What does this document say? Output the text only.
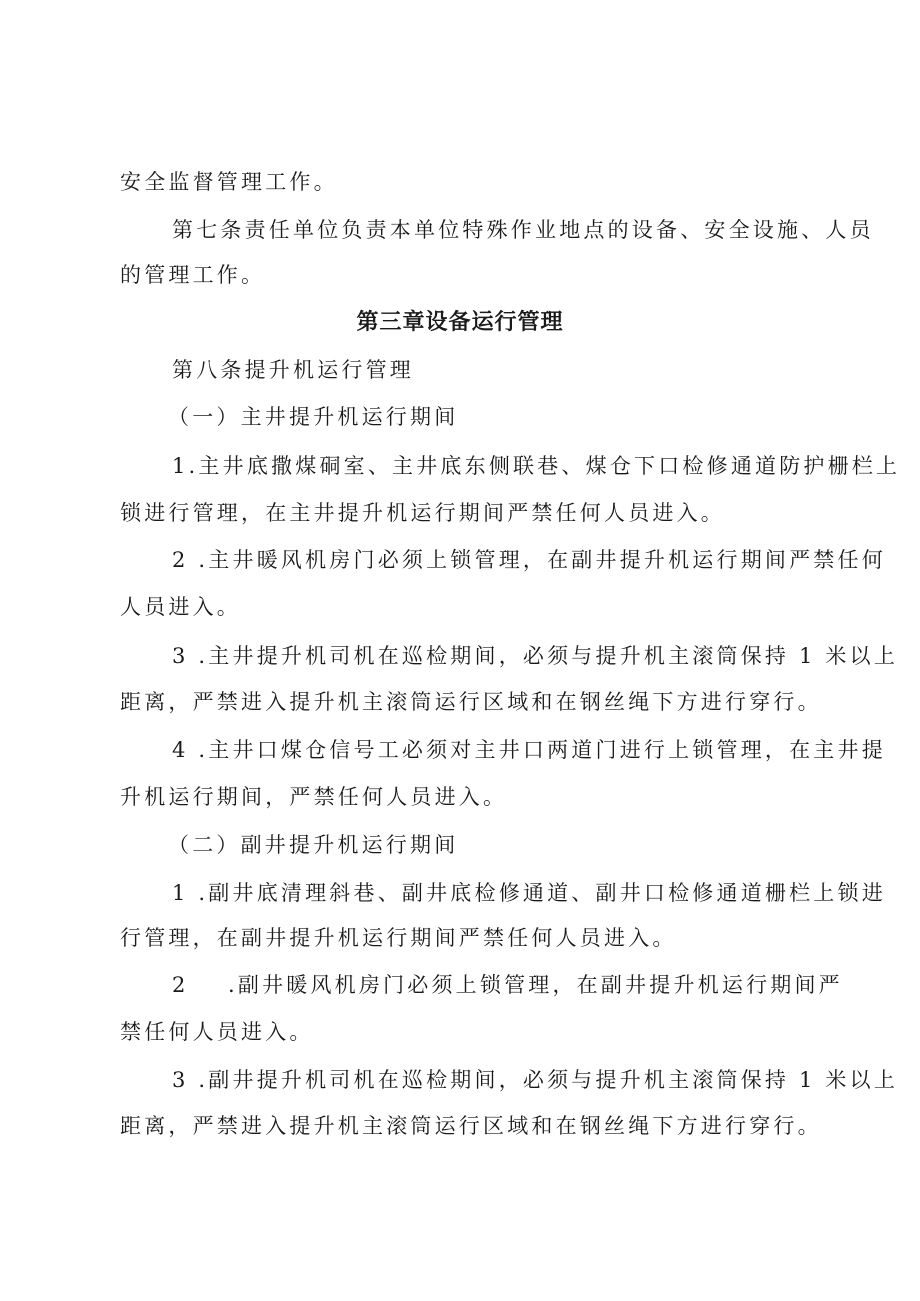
安全监督管理工作。
第七条责任单位负责本单位特殊作业地点的设备、安全设施、人员
的管理工作。
第三章设备运行管理
第八条提升机运行管理
（一）主井提升机运行期间
1.主井底撒煤硐室、主井底东侧联巷、煤仓下口检修通道防护栅栏上
锁进行管理，在主井提升机运行期间严禁任何人员进入。
2 .主井暖风机房门必须上锁管理，在副井提升机运行期间严禁任何
人员进入。
3 .主井提升机司机在巡检期间，必须与提升机主滚筒保持 1 米以上
距离，严禁进入提升机主滚筒运行区域和在钢丝绳下方进行穿行。
4 .主井口煤仓信号工必须对主井口两道门进行上锁管理，在主井提
升机运行期间，严禁任何人员进入。
（二）副井提升机运行期间
1 .副井底清理斜巷、副井底检修通道、副井口检修通道栅栏上锁进
行管理，在副井提升机运行期间严禁任何人员进入。
2 .副井暖风机房门必须上锁管理，在副井提升机运行期间严
禁任何人员进入。
3 .副井提升机司机在巡检期间，必须与提升机主滚筒保持 1 米以上
距离，严禁进入提升机主滚筒运行区域和在钢丝绳下方进行穿行。
